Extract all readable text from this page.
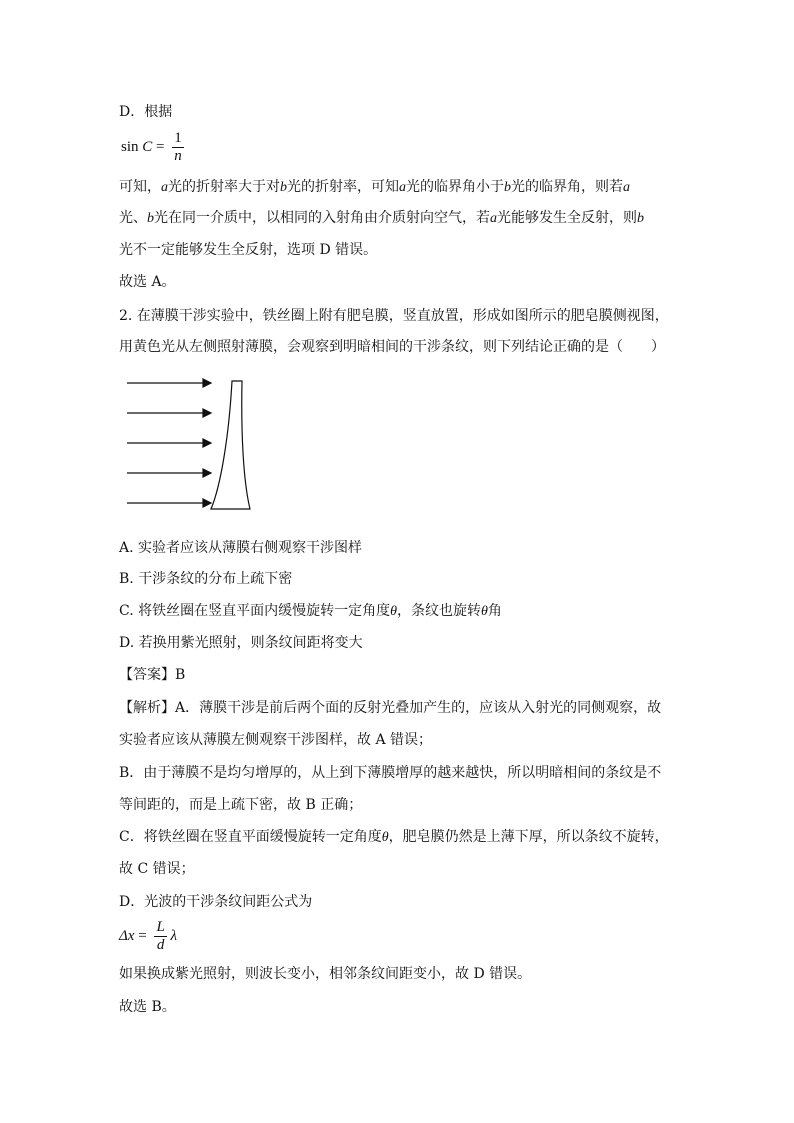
D．根据
$\sin C = \frac{1}{n}$
可知，a光的折射率大于对b光的折射率，可知a光的临界角小于b光的临界角，则若a
光、b光在同一介质中，以相同的入射角由介质射向空气，若a光能够发生全反射，则b
光不一定能够发生全反射，选项 D 错误。
故选 A。
2. 在薄膜干涉实验中，铁丝圈上附有肥皂膜，竖直放置，形成如图所示的肥皂膜侧视图，
用黄色光从左侧照射薄膜，会观察到明暗相间的干涉条纹，则下列结论正确的是（　　）
A. 实验者应该从薄膜右侧观察干涉图样
B. 干涉条纹的分布上疏下密
C. 将铁丝圈在竖直平面内缓慢旋转一定角度θ，条纹也旋转θ角
D. 若换用紫光照射，则条纹间距将变大
【答案】B
【解析】A．薄膜干涉是前后两个面的反射光叠加产生的，应该从入射光的同侧观察，故
实验者应该从薄膜左侧观察干涉图样，故 A 错误；
B．由于薄膜不是均匀增厚的，从上到下薄膜增厚的越来越快，所以明暗相间的条纹是不
等间距的，而是上疏下密，故 B 正确；
C．将铁丝圈在竖直平面缓慢旋转一定角度θ，肥皂膜仍然是上薄下厚，所以条纹不旋转，
故 C 错误；
D．光波的干涉条纹间距公式为
$\Delta x = \frac{L}{d}$ λ
如果换成紫光照射，则波长变小，相邻条纹间距变小，故 D 错误。
故选 B。
